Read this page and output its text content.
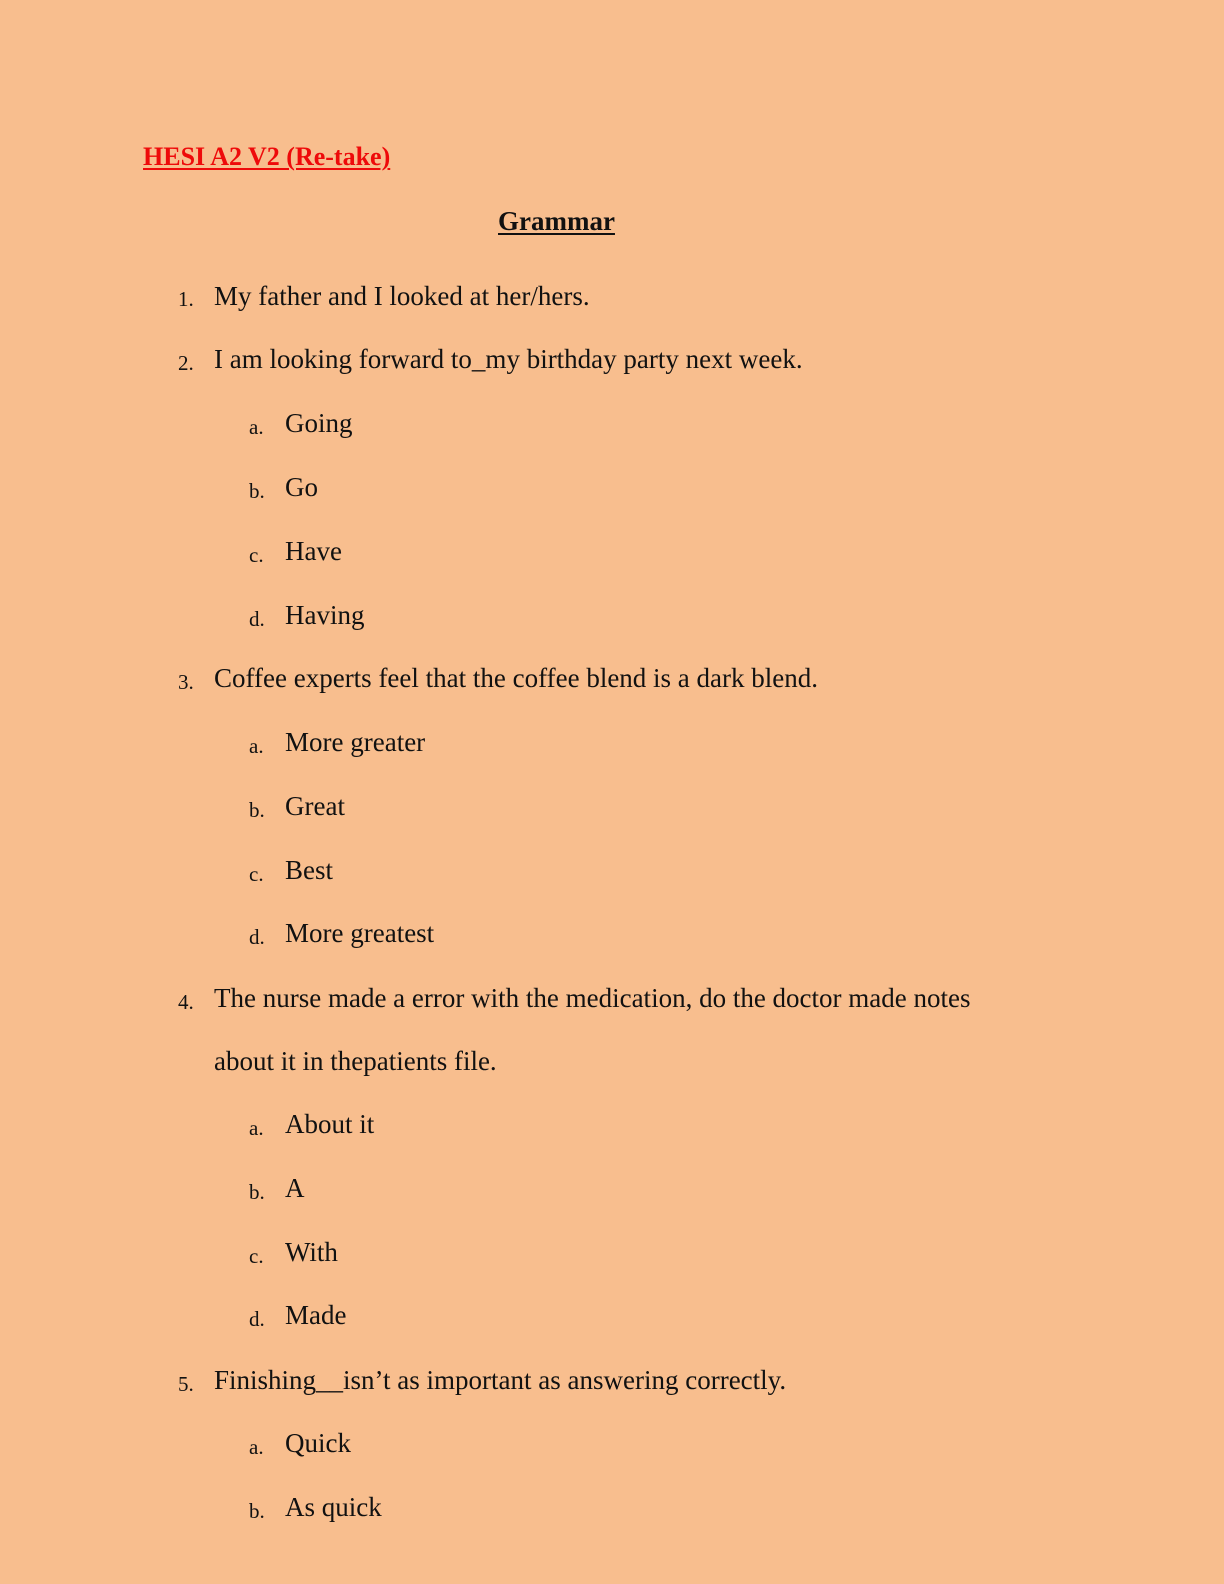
HESI A2 V2 (Re-take)
Grammar
1. My father and I looked at her/hers.
2. I am looking forward to_my birthday party next week.
a. Going
b. Go
c. Have
d. Having
3. Coffee experts feel that the coffee blend is a dark blend.
a. More greater
b. Great
c. Best
d. More greatest
4. The nurse made a error with the medication, do the doctor made notes
about it in thepatients file.
a. About it
b. A
c. With
d. Made
5. Finishing__isn’t as important as answering correctly.
a. Quick
b. As quick
